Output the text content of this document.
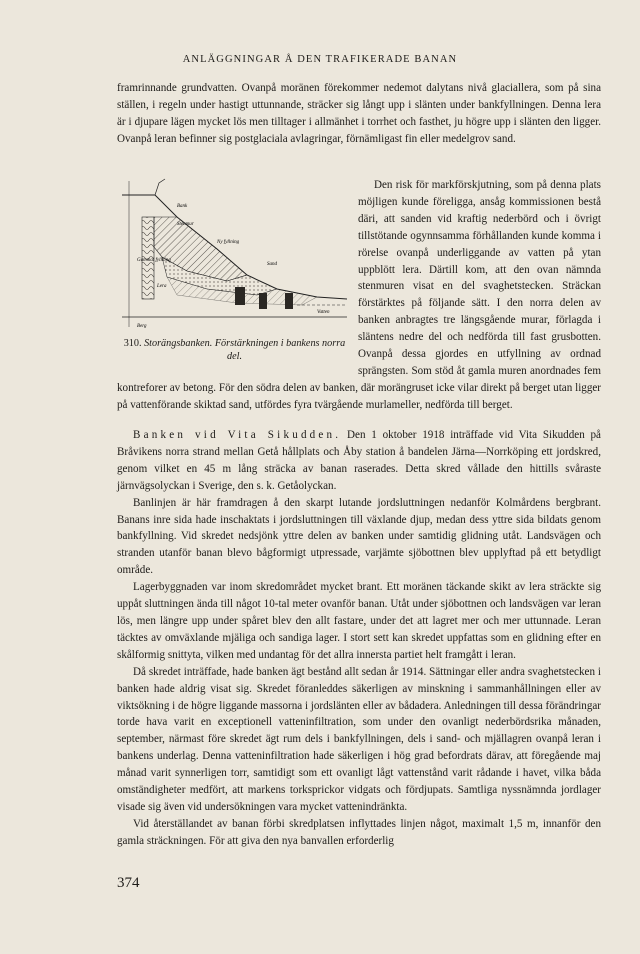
ANLÄGGNINGAR Å DEN TRAFIKERADE BANAN

framrinnande grundvatten. Ovanpå moränen förekommer nedemot dalytans nivå glaciallera, som på sina ställen, i regeln under hastigt uttunnande, sträcker sig långt upp i slänten under bankfyllningen. Denna lera är i djupare lägen mycket lös men tilltager i allmänhet i torrhet och fasthet, ju högre upp i slänten den ligger. Ovanpå leran befinner sig postglaciala avlagringar, förnämligast fin eller medelgrov sand.

Bank
Stenmur
Ny fyllning
Gammal fyllning
Sand
Lera
Vatten
Berg
310. Storängsbanken. Förstärkningen i bankens norra del.

Den risk för markförskjutning, som på denna plats möjligen kunde föreligga, ansåg kommissionen bestå däri, att sanden vid kraftig nederbörd och i övrigt tillstötande ogynnsamma förhållanden kunde komma i rörelse ovanpå underliggande av vatten på ytan uppblött lera. Därtill kom, att den ovan nämnda stenmuren visat en del svaghetstecken. Sträckan förstärktes på följande sätt. I den norra delen av banken anbragtes tre längsgående murar, förlagda i släntens nedre del och nedförda till fast grusbotten. Ovanpå dessa gjordes en utfyllning av ordnad sprängsten. Som stöd åt gamla muren anordnades fem kontreforer av betong. För den södra delen av banken, där morängruset icke vilar direkt på berget utan ligger på vattenförande skiktad sand, utfördes fyra tvärgående murlameller, nedförda till berget.

Banken vid Vita Sikudden. Den 1 oktober 1918 inträffade vid Vita Sikudden på Bråvikens norra strand mellan Getå hållplats och Åby station å bandelen Järna—Norrköping ett jordskred, genom vilket en 45 m lång sträcka av banan raserades. Detta skred vållade den hittills svåraste järnvägsolyckan i Sverige, den s. k. Getåolyckan.

Banlinjen är här framdragen å den skarpt lutande jordsluttningen nedanför Kolmårdens bergbrant. Banans inre sida hade inschaktats i jordsluttningen till växlande djup, medan dess yttre sida bildats genom bankfyllning. Vid skredet nedsjönk yttre delen av banken under samtidig glidning utåt. Landsvägen och stranden utanför banan blevo bågformigt utpressade, varjämte sjöbottnen blev upplyftad på ett betydligt område.

Lagerbyggnaden var inom skredområdet mycket brant. Ett moränen täckande skikt av lera sträckte sig uppåt sluttningen ända till något 10-tal meter ovanför banan. Utåt under sjöbottnen och landsvägen var leran lös, men längre upp under spåret blev den allt fastare, under det att lagret mer och mer uttunnade. Leran täcktes av omväxlande mjäliga och sandiga lager. I stort sett kan skredet uppfattas som en glidning efter en skålformig snittyta, vilken med undantag för det allra innersta partiet helt framgått i leran.

Då skredet inträffade, hade banken ägt bestånd allt sedan år 1914. Sättningar eller andra svaghetstecken i banken hade aldrig visat sig. Skredet föranleddes säkerligen av minskning i sammanhållningen eller av viktsökning i de högre liggande massorna i jordslänten eller av bådadera. Anledningen till dessa förändringar torde hava varit en exceptionell vatteninfiltration, som under den ovanligt nederbördsrika månaden, september, närmast före skredet ägt rum dels i bankfyllningen, dels i sand- och mjällagren ovanpå leran i bankens underlag. Denna vatteninfiltration hade säkerligen i hög grad befordrats därav, att föregående maj månad varit synnerligen torr, samtidigt som ett ovanligt lågt vattenstånd varit rådande i havet, vilka båda omständigheter medfört, att markens torksprickor vidgats och fördjupats. Samtliga nyssnämnda jordlager visade sig även vid undersökningen vara mycket vattenindränkta.

Vid återställandet av banan förbi skredplatsen inflyttades linjen något, maximalt 1,5 m, innanför den gamla sträckningen. För att giva den nya banvallen erforderlig

374
